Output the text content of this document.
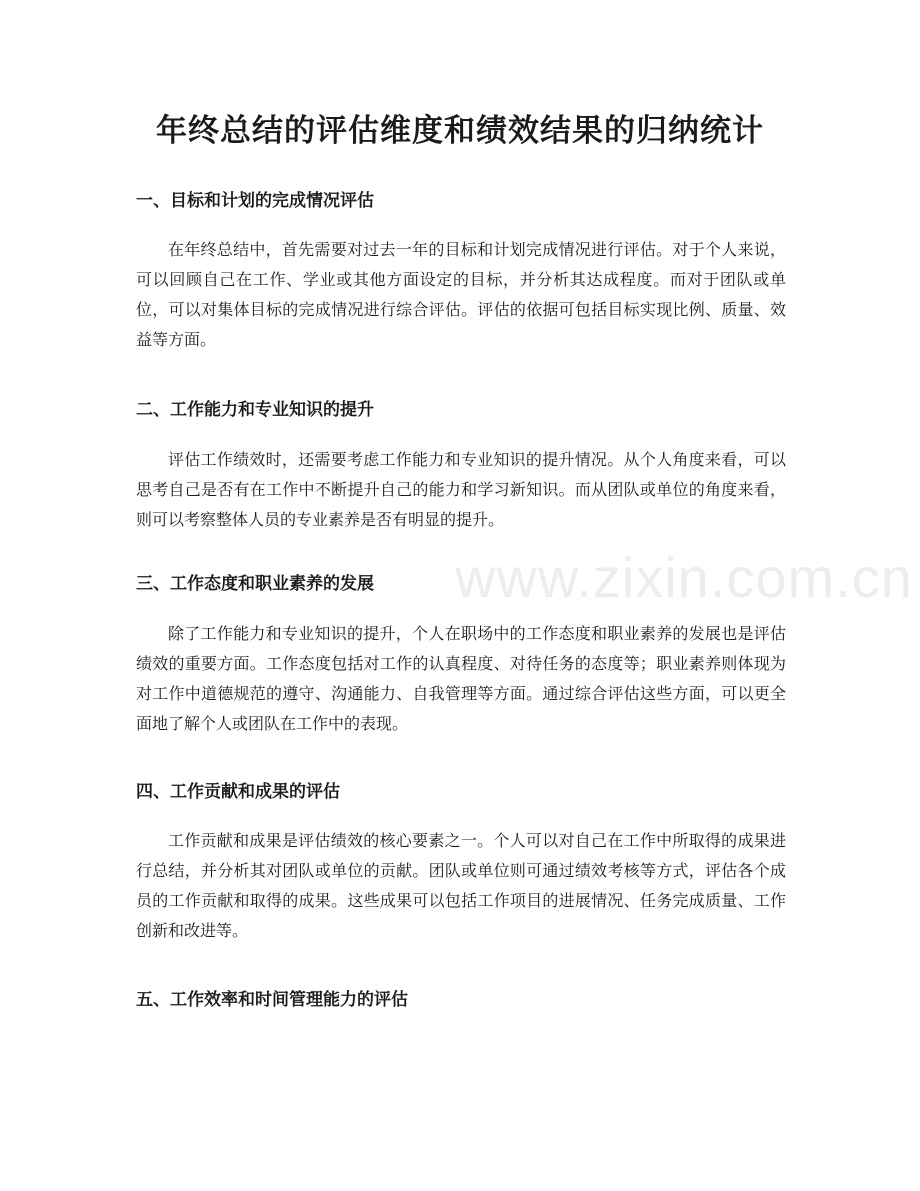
年终总结的评估维度和绩效结果的归纳统计
一、目标和计划的完成情况评估

在年终总结中，首先需要对过去一年的目标和计划完成情况进行评估。对于个人来说，可以回顾自己在工作、学业或其他方面设定的目标，并分析其达成程度。而对于团队或单位，可以对集体目标的完成情况进行综合评估。评估的依据可包括目标实现比例、质量、效益等方面。

二、工作能力和专业知识的提升

评估工作绩效时，还需要考虑工作能力和专业知识的提升情况。从个人角度来看，可以思考自己是否有在工作中不断提升自己的能力和学习新知识。而从团队或单位的角度来看，则可以考察整体人员的专业素养是否有明显的提升。

三、工作态度和职业素养的发展

除了工作能力和专业知识的提升，个人在职场中的工作态度和职业素养的发展也是评估绩效的重要方面。工作态度包括对工作的认真程度、对待任务的态度等；职业素养则体现为对工作中道德规范的遵守、沟通能力、自我管理等方面。通过综合评估这些方面，可以更全面地了解个人或团队在工作中的表现。

四、工作贡献和成果的评估

工作贡献和成果是评估绩效的核心要素之一。个人可以对自己在工作中所取得的成果进行总结，并分析其对团队或单位的贡献。团队或单位则可通过绩效考核等方式，评估各个成员的工作贡献和取得的成果。这些成果可以包括工作项目的进展情况、任务完成质量、工作创新和改进等。

五、工作效率和时间管理能力的评估
www.zixin.com.cn
